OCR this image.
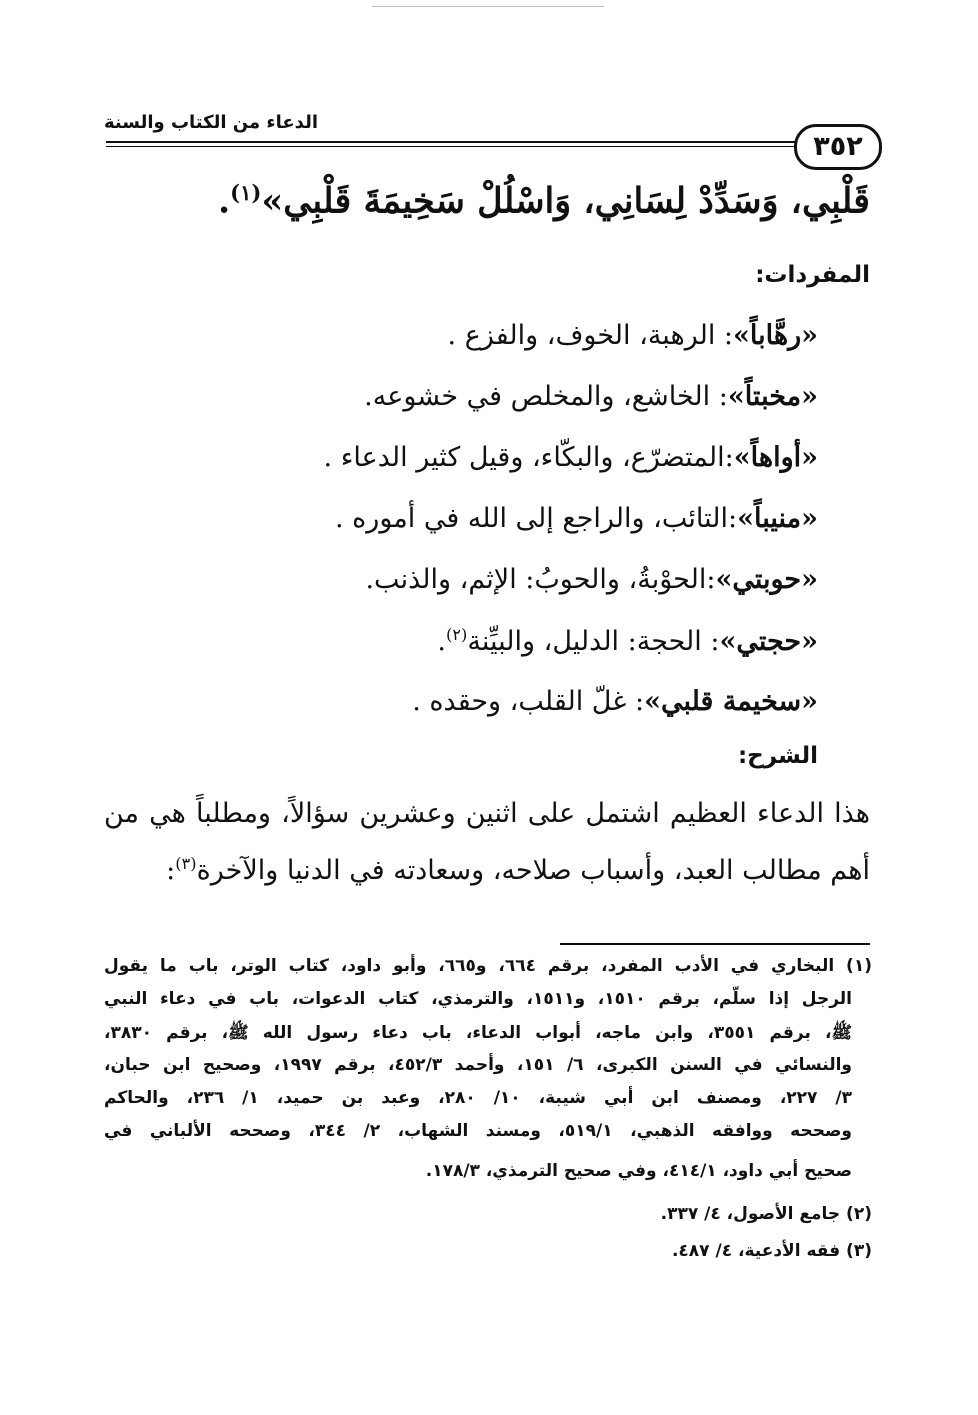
الدعاء من الكتاب والسنة
٣٥٢
قَلْبِي، وَسَدِّدْ لِسَانِي، وَاسْلُلْ سَخِيمَةَ قَلْبِي»$^{(١)}$.
المفردات:
«رهَّاباً»: الرهبة، الخوف، والفزع .
«مخبتاً»: الخاشع، والمخلص في خشوعه.
«أواهاً»:المتضرّع، والبكّاء، وقيل كثير الدعاء .
«منيباً»:التائب، والراجع إلى الله في أموره .
«حوبتي»:الحوْبةُ، والحوبُ: الإثم، والذنب.
«حجتي»: الحجة: الدليل، والبيِّنة$^{(٢)}$.
«سخيمة قلبي»: غلّ القلب، وحقده .
الشرح:
هذا الدعاء العظيم اشتمل على اثنين وعشرين سؤالاً، ومطلباً هي من
أهم مطالب العبد، وأسباب صلاحه، وسعادته في الدنيا والآخرة$^{(٣)}$:
(١) البخاري في الأدب المفرد، برقم ٦٦٤، و٦٦٥، وأبو داود، كتاب الوتر، باب ما يقول
الرجل إذا سلّم، برقم ١٥١٠، و١٥١١، والترمذي، كتاب الدعوات، باب في دعاء النبي
ﷺ، برقم ٣٥٥١، وابن ماجه، أبواب الدعاء، باب دعاء رسول الله ﷺ، برقم ٣٨٣٠،
والنسائي في السنن الكبرى، ٦/ ١٥١، وأحمد ٤٥٢/٣، برقم ١٩٩٧، وصحيح ابن حبان،
٣/ ٢٢٧، ومصنف ابن أبي شيبة، ١٠/ ٢٨٠، وعبد بن حميد، ١/ ٢٣٦، والحاكم
وصححه ووافقه الذهبي، ٥١٩/١، ومسند الشهاب، ٢/ ٣٤٤، وصححه الألباني في
صحيح أبي داود، ٤١٤/١، وفي صحيح الترمذي، ١٧٨/٣.
(٢) جامع الأصول، ٤/ ٣٣٧.
(٣) فقه الأدعية، ٤/ ٤٨٧.
